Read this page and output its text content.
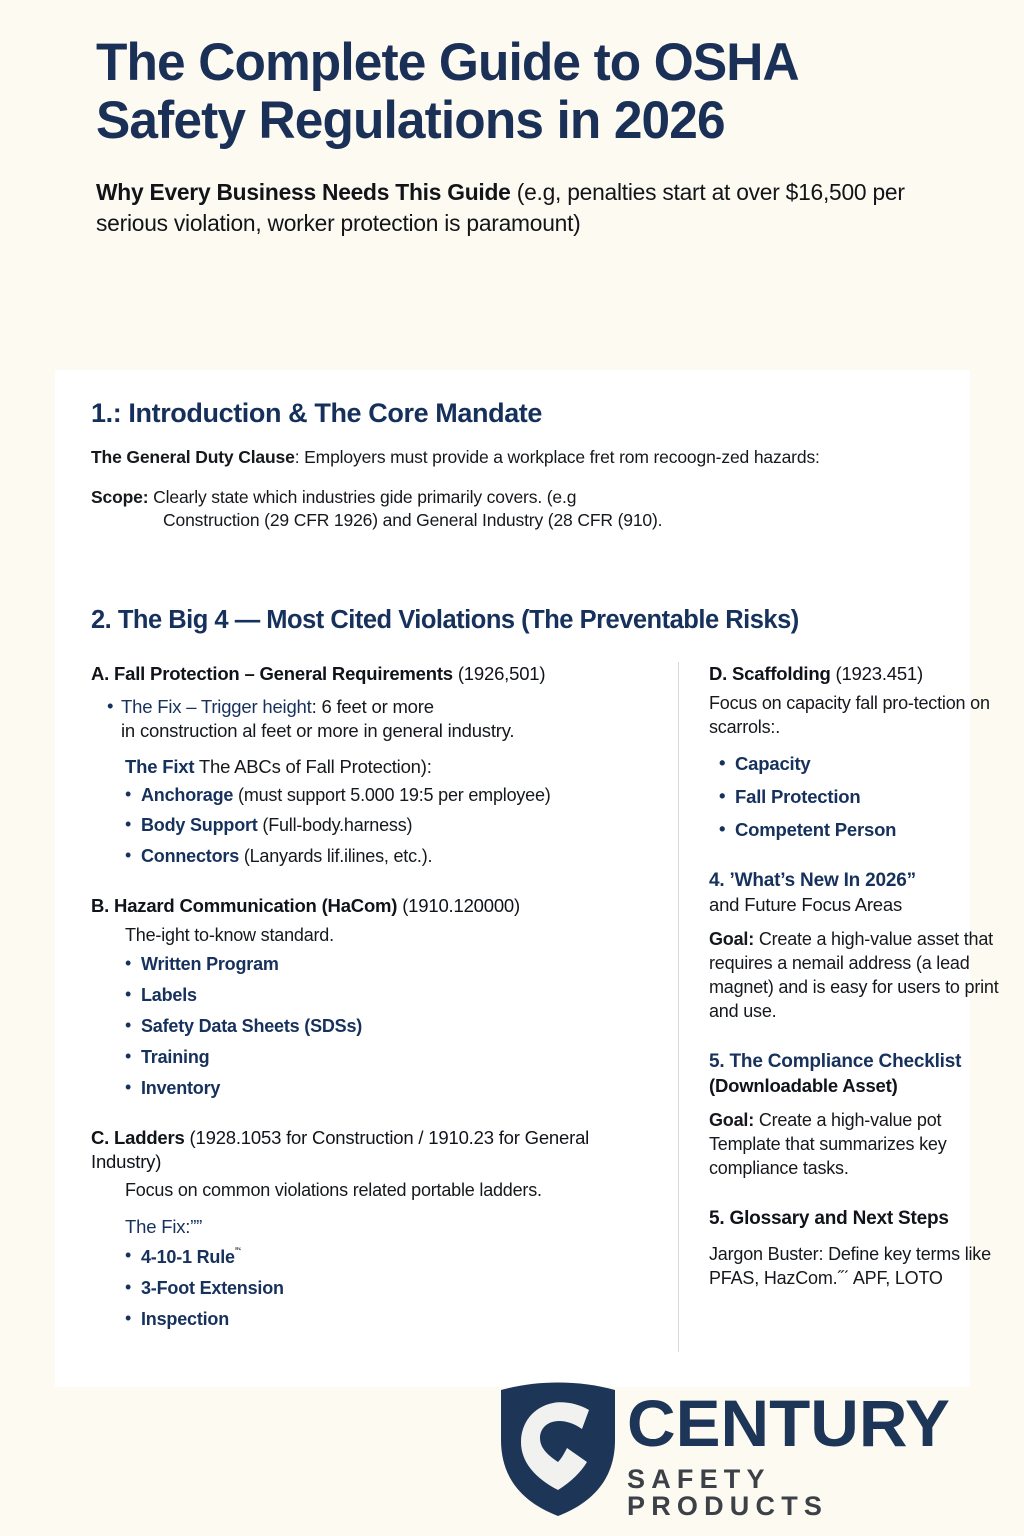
The Complete Guide to OSHA Safety Regulations in 2026

Why Every Business Needs This Guide (e.g, penalties start at over $16,500 per serious violation, worker protection is paramount)

1.: Introduction & The Core Mandate

The General Duty Clause: Employers must provide a workplace fret rom recoogn-zed hazards:

Scope: Clearly state which industries gide primarily covers. (e.g
Construction (29 CFR 1926) and General Industry (28 CFR (910).

2. The Big 4 — Most Cited Violations (The Preventable Risks)

A. Fall Protection – General Requirements (1926,501)

• The Fix – Trigger height: 6 feet or more
in construction al feet or more in general industry.

The Fixt The ABCs of Fall Protection):

• Anchorage (must support 5.000 19:5 per employee)
• Body Support (Full-body.harness)
• Connectors (Lanyards lif.ilines, etc.).

B. Hazard Communication (HaCom) (1910.120000)

The-ight to-know standard.

• Written Program
• Labels
• Safety Data Sheets (SDSs)
• Training
• Inventory

C. Ladders (1928.1053 for Construction / 1910.23 for General Industry)

Focus on common violations related portable ladders.

The Fix:””

• 4-10-1 Rule$^{ˮ‘}$
• 3-Foot Extension
• Inspection

D. Scaffolding (1923.451)

Focus on capacity fall pro-tection on scarrols:.

• Capacity
• Fall Protection
• Competent Person

4. ’What’s New In 2026”
and Future Focus Areas

Goal: Create a high-value asset that requires a nemail address (a lead magnet) and is easy for users to print and use.

5. The Compliance Checklist
(Downloadable Asset)

Goal: Create a high-value pot Template that summarizes key compliance tasks.

5. Glossary and Next Steps

Jargon Buster: Define key terms like PFAS, HazCom.˝ˊ APF, LOTO

CENTURY
SAFETY PRODUCTS
